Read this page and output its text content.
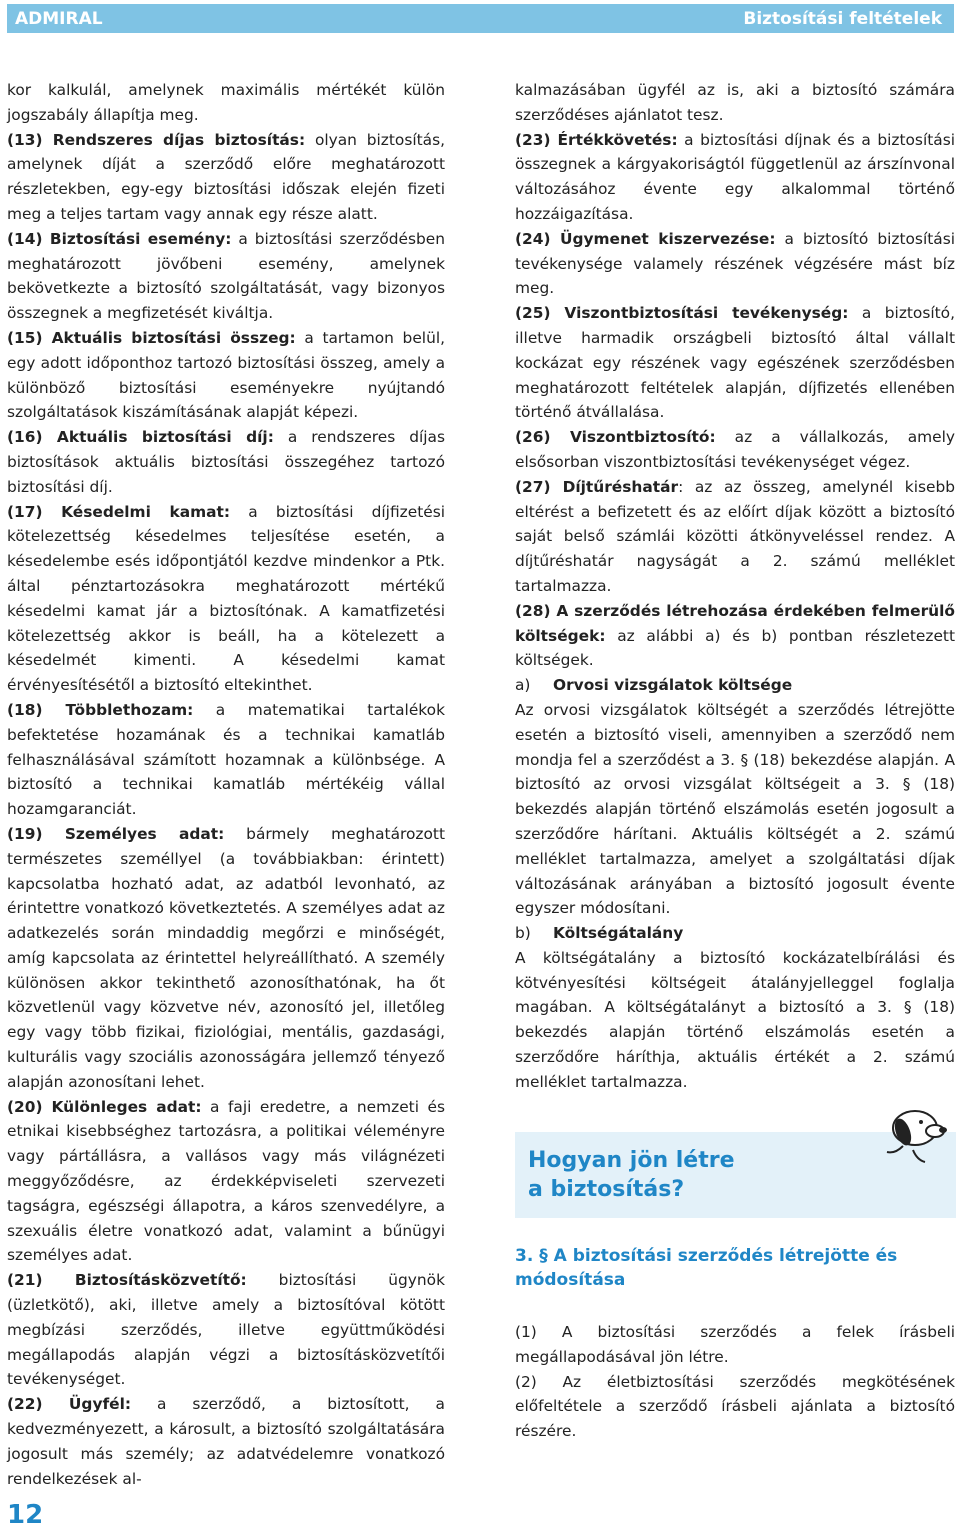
ADMIRAL	Biztosítási feltételek

kor kalkulál, amelynek maximális mértékét külön jogszabály állapítja meg.

(13) Rendszeres díjas biztosítás: olyan biztosítás, amelynek díját a szerződő előre meghatározott részletekben, egy-egy biztosítási időszak elején fizeti meg a teljes tartam vagy annak egy része alatt.

(14) Biztosítási esemény: a biztosítási szerződésben meghatározott jövőbeni esemény, amelynek bekövetkezte a biztosító szolgáltatását, vagy bizonyos összegnek a megfizetését kiváltja.

(15) Aktuális biztosítási összeg: a tartamon belül, egy adott időponthoz tartozó biztosítási összeg, amely a különböző biztosítási eseményekre nyújtandó szolgáltatások kiszámításának alapját képezi.

(16) Aktuális biztosítási díj: a rendszeres díjas biztosítások aktuális biztosítási összegéhez tartozó biztosítási díj.

(17) Késedelmi kamat: a biztosítási díjfizetési kötelezettség késedelmes teljesítése esetén, a késedelembe esés időpontjától kezdve mindenkor a Ptk. által pénztartozásokra meghatározott mértékű késedelmi kamat jár a biztosítónak. A kamatfizetési kötelezettség akkor is beáll, ha a kötelezett a késedelmét kimenti. A késedelmi kamat érvényesítésétől a biztosító eltekinthet.

(18) Többlethozam: a matematikai tartalékok befektetése hozamának és a technikai kamatláb felhasználásával számított hozamnak a különbsége. A biztosító a technikai kamatláb mértékéig vállal hozamgaranciát.

(19) Személyes adat: bármely meghatározott természetes személlyel (a továbbiakban: érintett) kapcsolatba hozható adat, az adatból levonható, az érintettre vonatkozó következtetés. A személyes adat az adatkezelés során mindaddig megőrzi e minőségét, amíg kapcsolata az érintettel helyreállítható. A személy különösen akkor tekinthető azonosíthatónak, ha őt közvetlenül vagy közvetve név, azonosító jel, illetőleg egy vagy több fizikai, fiziológiai, mentális, gazdasági, kulturális vagy szociális azonosságára jellemző tényező alapján azonosítani lehet.

(20) Különleges adat: a faji eredetre, a nemzeti és etnikai kisebbséghez tartozásra, a politikai véleményre vagy pártállásra, a vallásos vagy más világnézeti meggyőződésre, az érdekképviseleti szervezeti tagságra, egészségi állapotra, a káros szenvedélyre, a szexuális életre vonatkozó adat, valamint a bűnügyi személyes adat.

(21) Biztosításközvetítő: biztosítási ügynök (üzletkötő), aki, illetve amely a biztosítóval kötött megbízási szerződés, illetve együttműködési megállapodás alapján végzi a biztosításközvetítői tevékenységet.

(22) Ügyfél: a szerződő, a biztosított, a kedvezményezett, a károsult, a biztosító szolgáltatására jogosult más személy; az adatvédelemre vonatkozó rendelkezések al-

kalmazásában ügyfél az is, aki a biztosító számára szerződéses ajánlatot tesz.

(23) Értékkövetés: a biztosítási díjnak és a biztosítási összegnek a kárgyakoriságtól függetlenül az árszínvonal változásához évente egy alkalommal történő hozzáigazítása.

(24) Ügymenet kiszervezése: a biztosító biztosítási tevékenysége valamely részének végzésére mást bíz meg.

(25) Viszontbiztosítási tevékenység: a biztosító, illetve harmadik országbeli biztosító által vállalt kockázat egy részének vagy egészének szerződésben meghatározott feltételek alapján, díjfizetés ellenében történő átvállalása.

(26) Viszontbiztosító: az a vállalkozás, amely elsősorban viszontbiztosítási tevékenységet végez.

(27) Díjtűréshatár: az az összeg, amelynél kisebb eltérést a befizetett és az előírt díjak között a biztosító saját belső számlái közötti átkönyveléssel rendez. A díjtűréshatár nagyságát a 2. számú melléklet tartalmazza.

(28) A szerződés létrehozása érdekében felmerülő költségek: az alábbi a) és b) pontban részletezett költségek.

a)	Orvosi vizsgálatok költsége

Az orvosi vizsgálatok költségét a szerződés létrejötte esetén a biztosító viseli, amennyiben a szerződő nem mondja fel a szerződést a 3. § (18) bekezdése alapján. A biztosító az orvosi vizsgálat költségeit a 3. § (18) bekezdés alapján történő elszámolás esetén jogosult a szerződőre hárítani. Aktuális költségét a 2. számú melléklet tartalmazza, amelyet a szolgáltatási díjak változásának arányában a biztosító jogosult évente egyszer módosítani.

b)	Költségátalány

A költségátalány a biztosító kockázatelbírálási és kötvényesítési költségeit átalányjelleggel foglalja magában. A költségátalányt a biztosító a 3. § (18) bekezdés alapján történő elszámolás esetén a szerződőre háríthja, aktuális értékét a 2. számú melléklet tartalmazza.

Hogyan jön létre
a biztosítás?
3. § A biztosítási szerződés létrejötte és módosítása

(1) A biztosítási szerződés a felek írásbeli megállapodásával jön létre.

(2) Az életbiztosítási szerződés megkötésének előfeltétele a szerződő írásbeli ajánlata a biztosító részére.

12
